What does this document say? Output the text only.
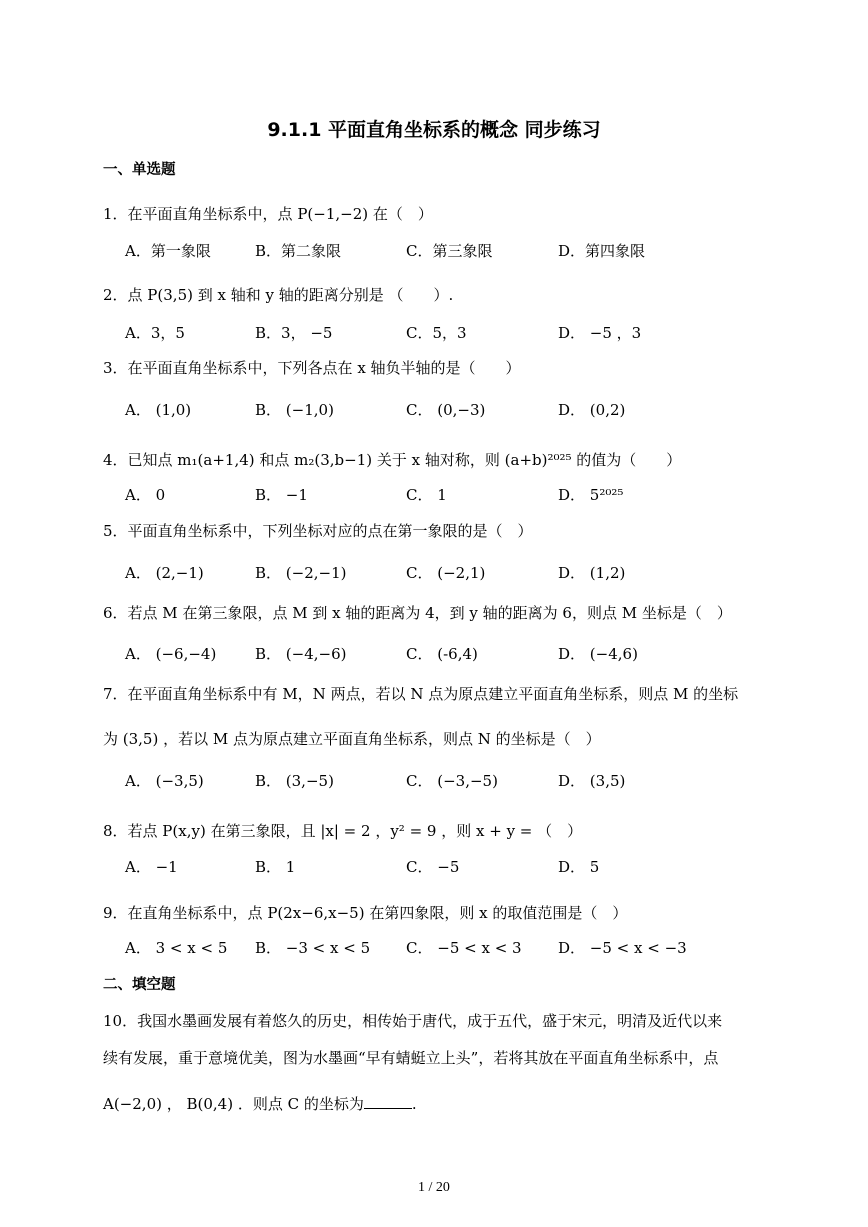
9.1.1 平面直角坐标系的概念 同步练习
一、单选题
1．在平面直角坐标系中，点 P(−1,−2) 在（　）
A．第一象限	B．第二象限	C．第三象限	D．第四象限
2．点 P(3,5) 到 x 轴和 y 轴的距离分别是 （　　）.
A．3，5	B．3， −5	C．5，3	D． −5 ，3
3．在平面直角坐标系中，下列各点在 x 轴负半轴的是（　　）
A． (1,0)	B． (−1,0)	C． (0,−3)	D． (0,2)
4．已知点 m₁(a+1,4) 和点 m₂(3,b−1) 关于 x 轴对称，则 (a+b)²⁰²⁵ 的值为（　　）
A． 0	B． −1	C． 1	D． 5²⁰²⁵
5．平面直角坐标系中，下列坐标对应的点在第一象限的是（　）
A． (2,−1)	B． (−2,−1)	C． (−2,1)	D． (1,2)
6．若点 M 在第三象限，点 M 到 x 轴的距离为 4，到 y 轴的距离为 6，则点 M 坐标是（　）
A． (−6,−4)	B． (−4,−6)	C． (-6,4)	D． (−4,6)
7．在平面直角坐标系中有 M，N 两点，若以 N 点为原点建立平面直角坐标系，则点 M 的坐标
为 (3,5) ，若以 M 点为原点建立平面直角坐标系，则点 N 的坐标是（　）
A． (−3,5)	B． (3,−5)	C． (−3,−5)	D． (3,5)
8．若点 P(x,y) 在第三象限，且 |x| = 2 ，y² = 9 ，则 x + y = （　）
A． −1	B． 1	C． −5	D． 5
9．在直角坐标系中，点 P(2x−6,x−5) 在第四象限，则 x 的取值范围是（　）
A． 3 < x < 5 B． −3 < x < 5 C． −5 < x < 3 D． −5 < x < −3
二、填空题
10．我国水墨画发展有着悠久的历史，相传始于唐代，成于五代，盛于宋元，明清及近代以来
续有发展，重于意境优美，图为水墨画“早有蜻蜓立上头”，若将其放在平面直角坐标系中，点
A(−2,0) ， B(0,4) ．则点 C 的坐标为	.
1 / 20
